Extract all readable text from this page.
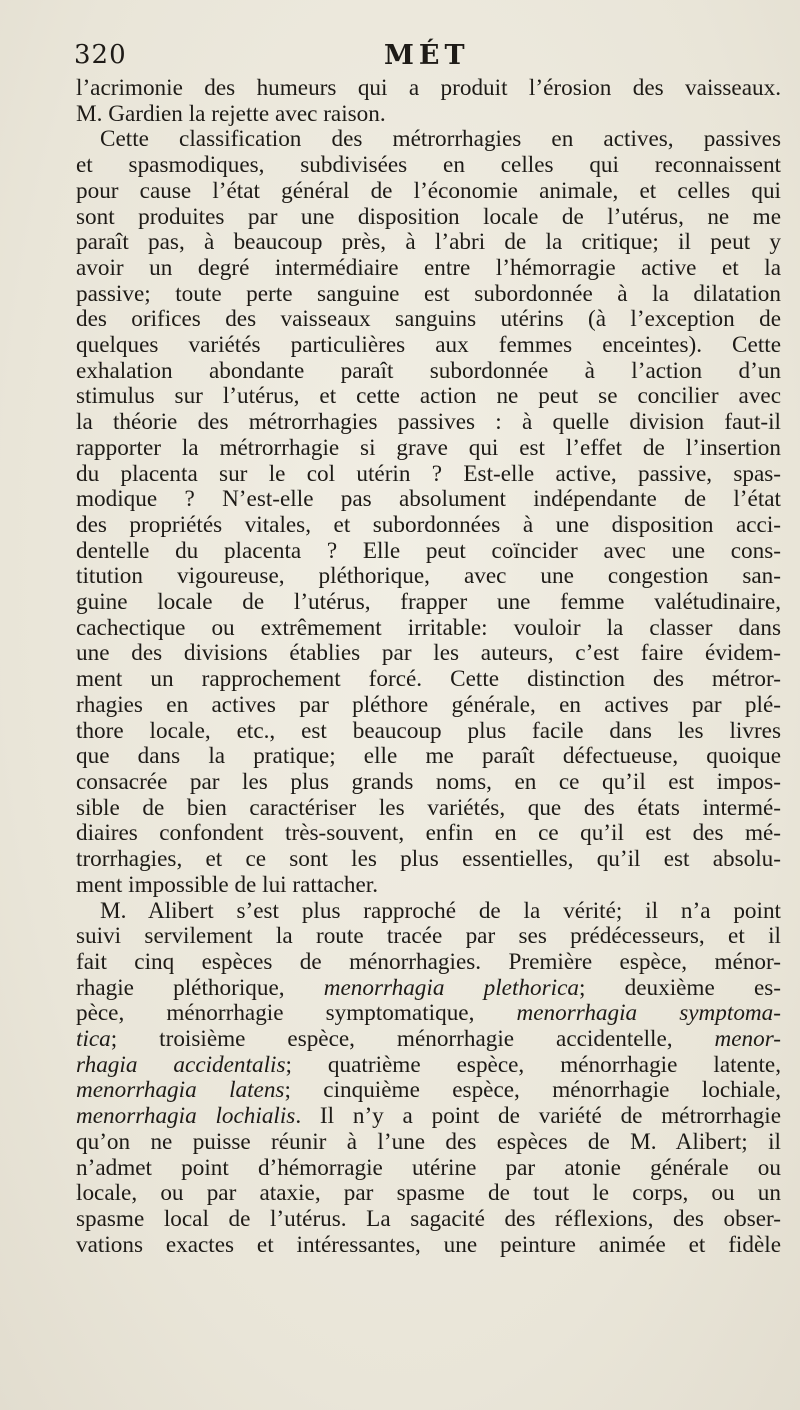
320	MÉT
l’acrimonie des humeurs qui a produit l’érosion des vaisseaux.
M. Gardien la rejette avec raison.
Cette classification des métrorrhagies en actives, passives
et spasmodiques, subdivisées en celles qui reconnaissent
pour cause l’état général de l’économie animale, et celles qui
sont produites par une disposition locale de l’utérus, ne me
paraît pas, à beaucoup près, à l’abri de la critique; il peut y
avoir un degré intermédiaire entre l’hémorragie active et la
passive; toute perte sanguine est subordonnée à la dilatation
des orifices des vaisseaux sanguins utérins (à l’exception de
quelques variétés particulières aux femmes enceintes). Cette
exhalation abondante paraît subordonnée à l’action d’un
stimulus sur l’utérus, et cette action ne peut se concilier avec
la théorie des métrorrhagies passives : à quelle division faut-il
rapporter la métrorrhagie si grave qui est l’effet de l’insertion
du placenta sur le col utérin ? Est-elle active, passive, spas-
modique ? N’est-elle pas absolument indépendante de l’état
des propriétés vitales, et subordonnées à une disposition acci-
dentelle du placenta ? Elle peut coïncider avec une cons-
titution vigoureuse, pléthorique, avec une congestion san-
guine locale de l’utérus, frapper une femme valétudinaire,
cachectique ou extrêmement irritable: vouloir la classer dans
une des divisions établies par les auteurs, c’est faire évidem-
ment un rapprochement forcé. Cette distinction des métror-
rhagies en actives par pléthore générale, en actives par plé-
thore locale, etc., est beaucoup plus facile dans les livres
que dans la pratique; elle me paraît défectueuse, quoique
consacrée par les plus grands noms, en ce qu’il est impos-
sible de bien caractériser les variétés, que des états intermé-
diaires confondent très-souvent, enfin en ce qu’il est des mé-
trorrhagies, et ce sont les plus essentielles, qu’il est absolu-
ment impossible de lui rattacher.
M. Alibert s’est plus rapproché de la vérité; il n’a point
suivi servilement la route tracée par ses prédécesseurs, et il
fait cinq espèces de ménorrhagies. Première espèce, ménor-
rhagie pléthorique, menorrhagia plethorica; deuxième es-
pèce, ménorrhagie symptomatique, menorrhagia symptoma-
tica; troisième espèce, ménorrhagie accidentelle, menor-
rhagia accidentalis; quatrième espèce, ménorrhagie latente,
menorrhagia latens; cinquième espèce, ménorrhagie lochiale,
menorrhagia lochialis. Il n’y a point de variété de métrorrhagie
qu’on ne puisse réunir à l’une des espèces de M. Alibert; il
n’admet point d’hémorragie utérine par atonie générale ou
locale, ou par ataxie, par spasme de tout le corps, ou un
spasme local de l’utérus. La sagacité des réflexions, des obser-
vations exactes et intéressantes, une peinture animée et fidèle
